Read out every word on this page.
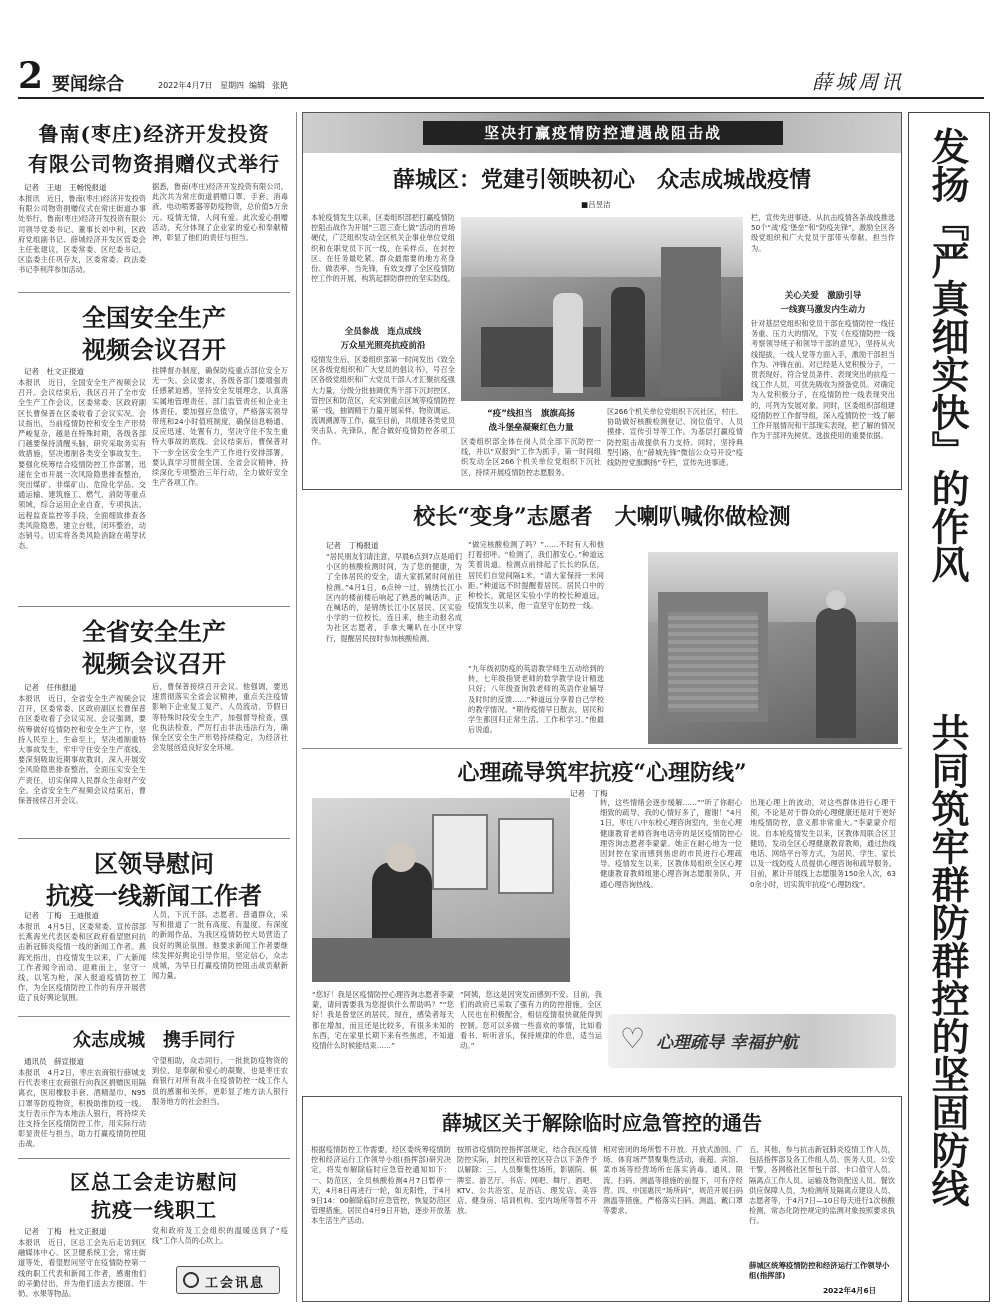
2 要闻综合	2022年4月7日 星期四 编辑 张艳	薛城周讯
发扬『严真细实快』的作风
共同筑牢群防群控的坚固防线
鲁南(枣庄)经济开发投资
有限公司物资捐赠仪式举行
记者　王迪　王畅悦报道
本报讯　近日，鲁南(枣庄)经济开发投资有限公司物资捐赠仪式在常庄街道办事处举行。鲁南(枣庄)经济开发投资有限公司领导党委书记、董事长刘中利，区政府党组副书记、薛城经济开发区管委会主任张建议，区委常委、区纪委书记，区监委主任巩存友，区委常委、政法委书记李利萍参加活动。
据悉，鲁南(枣庄)经济开发投资有限公司，此次共为常庄街道捐赠口罩、手套、消毒液、电动喷雾器等防疫物资，总价值5万余元。疫情无情，人间有爱。此次爱心捐赠活动，充分体现了企业家的爱心和奉献精神，彰显了他们的责任与担当。
全国安全生产
视频会议召开
记者　杜文正报道
本报讯　近日，全国安全生产视频会议召开。会议结束后，我区召开了全市安全生产工作会议，区委常委、区政府副区长曹保普在区委收看了会议实况。会议指出，当前疫情防控和安全生产形势严峻复杂，越是在特殊时期，各级各部门越要保持清醒头脑，研究采取务实有效措施，坚决遏制各类安全事故发生。要强化统筹结合疫情防控工作部署，迅速在全市开展一次风险隐患排查整治，突出煤矿、非煤矿山、危险化学品、交通运输、建筑施工、燃气、消防等重点领域，综合运用企业自查、专项执法、远程监查监控等手段，全面细致排查各类风险隐患，建立台账，闭环整治，动态销号。切实将各类风险消除在萌芽状态。
挂牌督办制度，确保防疫重点部位安全万无一失。会议要求，各级各部门要增强责任感紧迫感，坚持安全发展理念，认真落实属地管理责任、部门监管责任和企业主体责任。要加强应急值守，严格落实领导带班和24小时值班制度，确保信息畅通、反应迅速、处置有力，坚决守住不发生重特大事故的底线。会议结束后，曹保普对下一步全区安全生产工作进行安排部署，要认真学习贯彻全国、全省会议精神，持续深化专项整治三年行动，全力做好安全生产各项工作。
全省安全生产
视频会议召开
记者　任伟报道
本报讯　近日，全省安全生产视频会议召开，区委常委、区政府副区长曹保普在区委收看了会议实况。会议强调，要统筹做好疫情防控和安全生产工作，坚持人民至上、生命至上，坚决遏制重特大事故发生，牢牢守住安全生产底线。要深刻吸取近期事故教训，深入开展安全风险隐患排查整治，全面压实安全生产责任，切实保障人民群众生命财产安全。全省安全生产视频会议结束后，曹保普接续召开会议。
后，曹保普接续召开会议。他强调，要迅速贯彻落实全省会议精神，重点关注疫情影响下企业复工复产、人员流动、节假日等特殊时段安全生产，加强督导检查，强化执法检查，严厉打击非法违法行为，确保全区安全生产形势持续稳定，为经济社会发展创造良好安全环境。
区领导慰问
抗疫一线新闻工作者
记者　丁梅　王迪报道
本报讯　4月5日，区委常委、宣传部部长燕海光代表区委和区政府看望慰问抗击新冠肺炎疫情一线的新闻工作者。燕海光指出，自疫情发生以来，广大新闻工作者闻令而动、迎难而上，坚守一线，以笔为枪，深入报道疫情防控工作，为全区疫情防控工作的有序开展营造了良好舆论氛围。
人员，下沉干部、志愿者、普通群众，采写和报道了一批有高度、有温度、有深度的新闻作品，为我区疫情防控大局营造了良好的舆论氛围。他要求新闻工作者要继续发挥好舆论引导作用，坚定信心，众志成城，为早日打赢疫情防控阻击战贡献新闻力量。
众志成城　携手同行
通讯员　薛宣报道
本报讯　4月2日，枣庄农商银行薛城支行代表枣庄农商银行向我区捐赠医用隔离衣，医用橡胶手套、酒精湿巾、N95口罩等防疫物资，积极助推防疫一线。支行表示作为本地法人银行，将持续关注支持全区疫情防控工作，用实际行动彰显责任与担当，助力打赢疫情防控阻击战。
守望相助，众志同行，一批批防疫物资的到位，是奉献和爱心的凝聚，也是枣庄农商银行对所有战斗在疫情防控一线工作人员的感谢和关怀，更彰显了地方法人银行服务地方的社会担当。
区总工会走访慰问
抗疫一线职工
记者　丁梅　杜文正报道
本报讯　近日，区总工会先后走访到区融媒体中心、区卫健系统工会，常庄街道等处，看望慰问坚守在疫情防控第一线的职工代表和新闻工作者，感谢他们的辛勤付出，并为他们送去方便面、牛奶、水果等物品。
党和政府及工会组织的温暖送到了“疫线”工作人员的心坎上。
工会讯息
坚决打赢疫情防控遭遇战阻击战
薛城区：党建引领映初心　众志成城战疫情
■吕昱洁
本轮疫情发生以来，区委组织部把打赢疫情防控阻击战作为开展“三思三查七做”活动的首场硬仗，广泛组织发动全区机关企事业单位党组织和在职党员下沉一线，在采样点、在封控区、在任务最吃紧、群众最需要的地方亮身份、做表率、当先锋，有效支撑了全区疫情防控工作的开展，构筑起群防群控的坚实防线。
全员参战　连点成线
万众星光照亮抗疫前沿
疫情发生后，区委组织部第一时间发出《致全区各级党组织和广大党员的倡议书》，号召全区各级党组织和广大党员干部人才汇聚抗疫强大力量，分级分批抽调优秀干部下沉封控区、管控区和防范区，充实到重点区域等疫情防控第一线，抽调精干力量开展采样、物资调运、流调溯源等工作，截至目前，共组建各类党员突击队、先锋队，配合做好疫情防控各项工作。
“疫”线担当　旗旗高扬
战斗堡垒凝聚红色力量
区委组织部全体在岗人员全部下沉防控一线，并以“双报到”工作为抓手，第一时间组织发动全区266个机关单位党组织下沉社区，持续开展疫情防控志愿服务。
区266个机关单位党组织下沉社区，村庄、协助做好核酸检测登记、岗位值守、人员摸排、宣传引导等工作。为基层打赢疫情防控阻击战提供有力支持。同时，坚持典型引路，在“薛城先锋”微信公众号开设“疫线防控党旗飘扬”专栏，宣传先进事迹。
栏，宣传先进事迹。从抗击疫情各条战线推选50个“战‘疫’堡垒”和“防疫先锋”，激励全区各级党组织和广大党员干部带头奉献、担当作为。
关心关爱　激励引导
一线赛马激发内生动力
针对基层党组织和党员干部在疫情防控一线任务重、压力大的情况，下发《在疫情防控一线考察领导班子和领导干部的意见》，坚持从火线提拔，一线人党等方面入手，激励干部担当作为、冲锋在前。对已经是入党积极分子，一贯表现好、符合党员条件、表现突出的抗疫一线工作人员，可优先吸收为预备党员。对确定为入党积极分子，在疫情防控一线表现突出的，可列为发展对象。同时，区委组织部组建疫情防控工作督导组，深入疫情防控一线了解工作开展情况和干部现实表现，把了解的情况作为干部评先树优、选拔使用的重要依据。
校长“变身”志愿者　大喇叭喊你做检测
记者　丁梅报道
“居民朋友们请注意，早晨6点到7点是咱们小区的核酸检测时间，为了您的健康，为了全体居民的安全，请大家抓紧时间前往检测。”4月1日，6点钟一过，锦绣长江小区内的楼前楼后响起了熟悉的喊话声。正在喊话的，是锦绣长江小区居民、区实验小学的一位校长。连日来，他主动报名成为社区志愿者，手拿大喇叭在小区中穿行，提醒居民按时参加核酸检测。
“做完核酸检测了吗？”……不时有人和他打着招呼。“检测了，我们都安心。”种道远笑着说道。检测点前排起了长长的队伍，居民们自觉间隔1米，“请大家保持一米间距。”种道远不时提醒着居民。居民口中的种校长，就是区实验小学的校长种道远，疫情发生以来，他一直坚守在防控一线。
“九年级初防疫的英语教学师生五动给到的转，七年级指贤老师的数学教学设计精选只好；八年级查询敦老师的英语作业辅导及时时的反馈……”种道远分享着自己学校的教学情况。“期待疫情早日散去，居民和学生都回归正常生活、工作和学习。”他最后说道。
心理疏导筑牢抗疫“心理防线”
记者　丁梅
转，这些情绪会逐步缓解……”“听了你耐心细致的疏导，我的心情好多了，谢谢！”4月1日，枣庄八中东校心理咨询室内，坐在心理健康教育老师咨询电话旁的是区疫情防控心理咨询志愿者李蒙蒙。她正在耐心地为一位因封控在家而感到焦虑的市民进行心理疏导。疫情发生以来，区教体局组织全区心理健康教育教师组建心理咨询志愿服务队，开通心理咨询热线。
出现心理上的波动，对这些群体进行心理干预，不论是对于群众的心理健康还是对于更好地疫情防控，意义都非常重大。”李蒙蒙介绍说。自本轮疫情发生以来，区教体局联合区卫健局，发动全区心理健康教育教师，通过热线电话、网络平台等方式，为居民、学生、家长以及一线防疫人员提供心理咨询和疏导服务。目前，累计开展线上志愿服务150余人次，630余小时，切实筑牢抗疫“心理防线”。
“您好！我是区疫情防控心理咨询志愿者李蒙蒙，请问需要我为您提供什么帮助吗？”“您好！我是曾堂区的居民，现在，感染者每天都在增加，而且还是比较多，有很多未知的东西，宅在家里长期下来有些焦虑，不知道疫情什么时候能结束……”
“阿姨，您这是因突发而感到不安。目前，我们的政府已采取了强有力的防控措施，全区人民也在积极配合，相信疫情很快就能得到控制。您可以多做一些喜欢的事情，比如看看书、听听音乐，保持规律的作息，适当运动。”	♡ 心理疏导 幸福护航
薛城区关于解除临时应急管控的通告
根据疫情防控工作需要，经区委统筹疫情防控和经济运行工作领导小组(指挥部)研究决定，将发布解除临时应急管控通知如下：一、防范区，全员核酸检测4月7日暂停一天，4月8日再进行一轮，如无阳性，于4月9日14：00解除临时应急管控，恢复防范区管理措施，居民自4月9日开始，逐步开放基本生活生产活动。
按照省疫情防控指挥部规定，结合我区疫情防控实际，封控区和管控区符合以下条件予以解除：三、人员聚集性场所，影剧院、棋牌室、游艺厅、书店、网吧、舞厅、酒吧、KTV、公共浴室、足浴店、理发店、美容店、健身房、培训机构、室内场所等暂不开放。
相对密闭的场所暂不开放。开放式游园、广场、体育场严禁聚集性活动，商超、宾馆、菜市场等经营场所在落实消毒、通风、限流、扫码、测温等措施的前提下，可有序经营。四、中国惠民“场所码”，规范开展扫码测温等措施，严格落实扫码、测温、戴口罩等要求。
五、其他，参与抗击新冠肺炎疫情工作人员，包括指挥部及各工作组人员、医务人员、公安干警、各网格社区帮包干部、卡口值守人员、隔离点工作人员、运输及物资配送人员、餐饮供应保障人员，为检测所及隔离点建设人员、志愿者等，于4月7日—10日每天进行1次核酸检测，常态化防控规定的监测对象按照要求执行。
薛城区统筹疫情防控和经济运行工作领导小组(指挥部)
2022年4月6日
